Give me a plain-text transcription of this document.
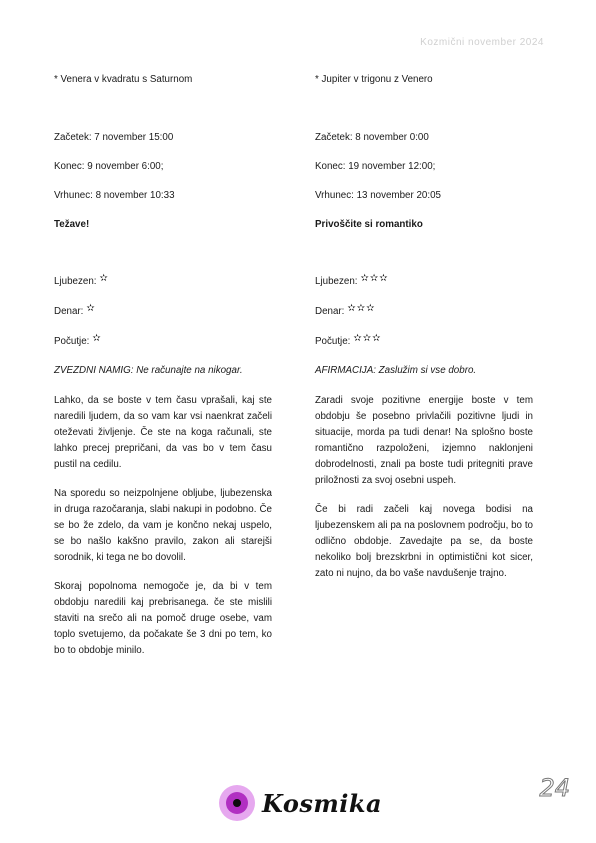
Kozmični november 2024

* Venera v kvadratu s Saturnom

Začetek: 7 november 15:00

Konec: 9 november 6:00;

Vrhunec: 8 november 10:33

Težave!

Ljubezen: ✫

Denar: ✫

Počutje: ✫

ZVEZDNI NAMIG: Ne računajte na nikogar.

Lahko, da se boste v tem času vprašali, kaj ste naredili ljudem, da so vam kar vsi naenkrat začeli oteževati življenje. Če ste na koga računali, ste lahko precej prepričani, da vas bo v tem času pustil na cedilu.

Na sporedu so neizpolnjene obljube, ljubezenska in druga razočaranja, slabi nakupi in podobno. Če se bo že zdelo, da vam je končno nekaj uspelo, se bo našlo kakšno pravilo, zakon ali starejši sorodnik, ki tega ne bo dovolil.

Skoraj popolnoma nemogoče je, da bi v tem obdobju naredili kaj prebrisanega. če ste mislili staviti na srečo ali na pomoč druge osebe, vam toplo svetujemo, da počakate še 3 dni po tem, ko bo to obdobje minilo.

* Jupiter v trigonu z Venero

Začetek: 8 november 0:00

Konec: 19 november 12:00;

Vrhunec: 13 november 20:05

Privoščite si romantiko

Ljubezen: ✫✫✫

Denar: ✫✫✫

Počutje: ✫✫✫

AFIRMACIJA: Zaslužim si vse dobro.

Zaradi svoje pozitivne energije boste v tem obdobju še posebno privlačili pozitivne ljudi in situacije, morda pa tudi denar! Na splošno boste romantično razpoloženi, izjemno naklonjeni dobrodelnosti, znali pa boste tudi pritegniti prave priložnosti za svoj osebni uspeh.

Če bi radi začeli kaj novega bodisi na ljubezenskem ali pa na poslovnem področju, bo to odlično obdobje. Zavedajte pa se, da boste nekoliko bolj brezskrbni in optimistični kot sicer, zato ni nujno, da bo vaše navdušenje trajno.

Kosmika
24
